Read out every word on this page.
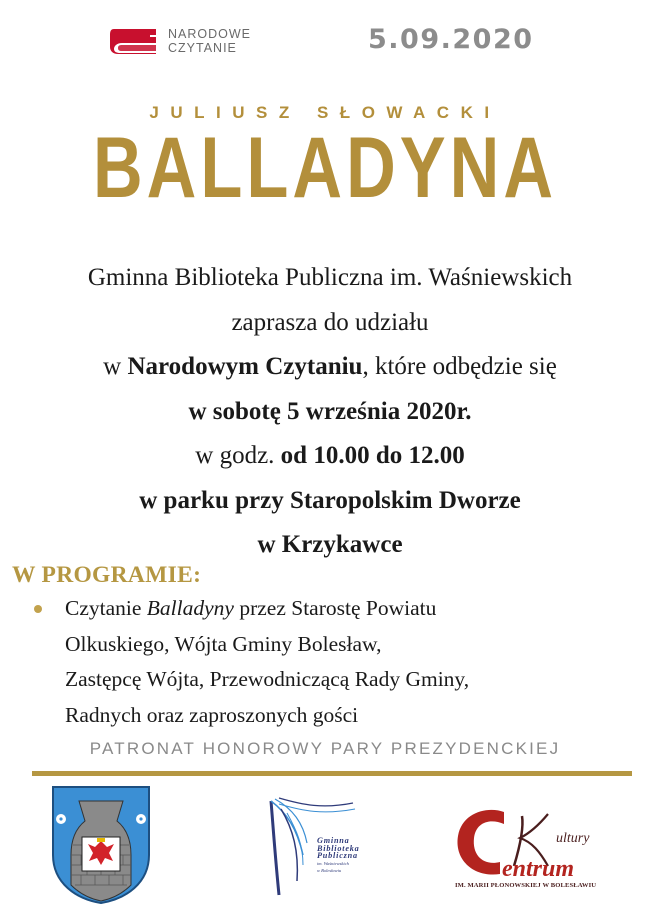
NARODOWE
CZYTANIE	5.09.2020
JULIUSZ SŁOWACKI
BALLADYNA
Gminna Biblioteka Publiczna im. Waśniewskich
zaprasza do udziału
w Narodowym Czytaniu, które odbędzie się
w sobotę 5 września 2020r.
w godz. od 10.00 do 12.00
w parku przy Staropolskim Dworze
w Krzykawce
W PROGRAMIE:
Czytanie Balladyny przez Starostę Powiatu
Olkuskiego, Wójta Gminy Bolesław,
Zastępcę Wójta, Przewodniczącą Rady Gminy,
Radnych oraz zaproszonych gości
PATRONAT HONOROWY PARY PREZYDENCKIEJ
Gminna
Biblioteka
Publiczna
im. Waśniewskich
w Bolesławiu
ultury
entrum
IM. MARII PŁONOWSKIEJ W BOLESŁAWIU
